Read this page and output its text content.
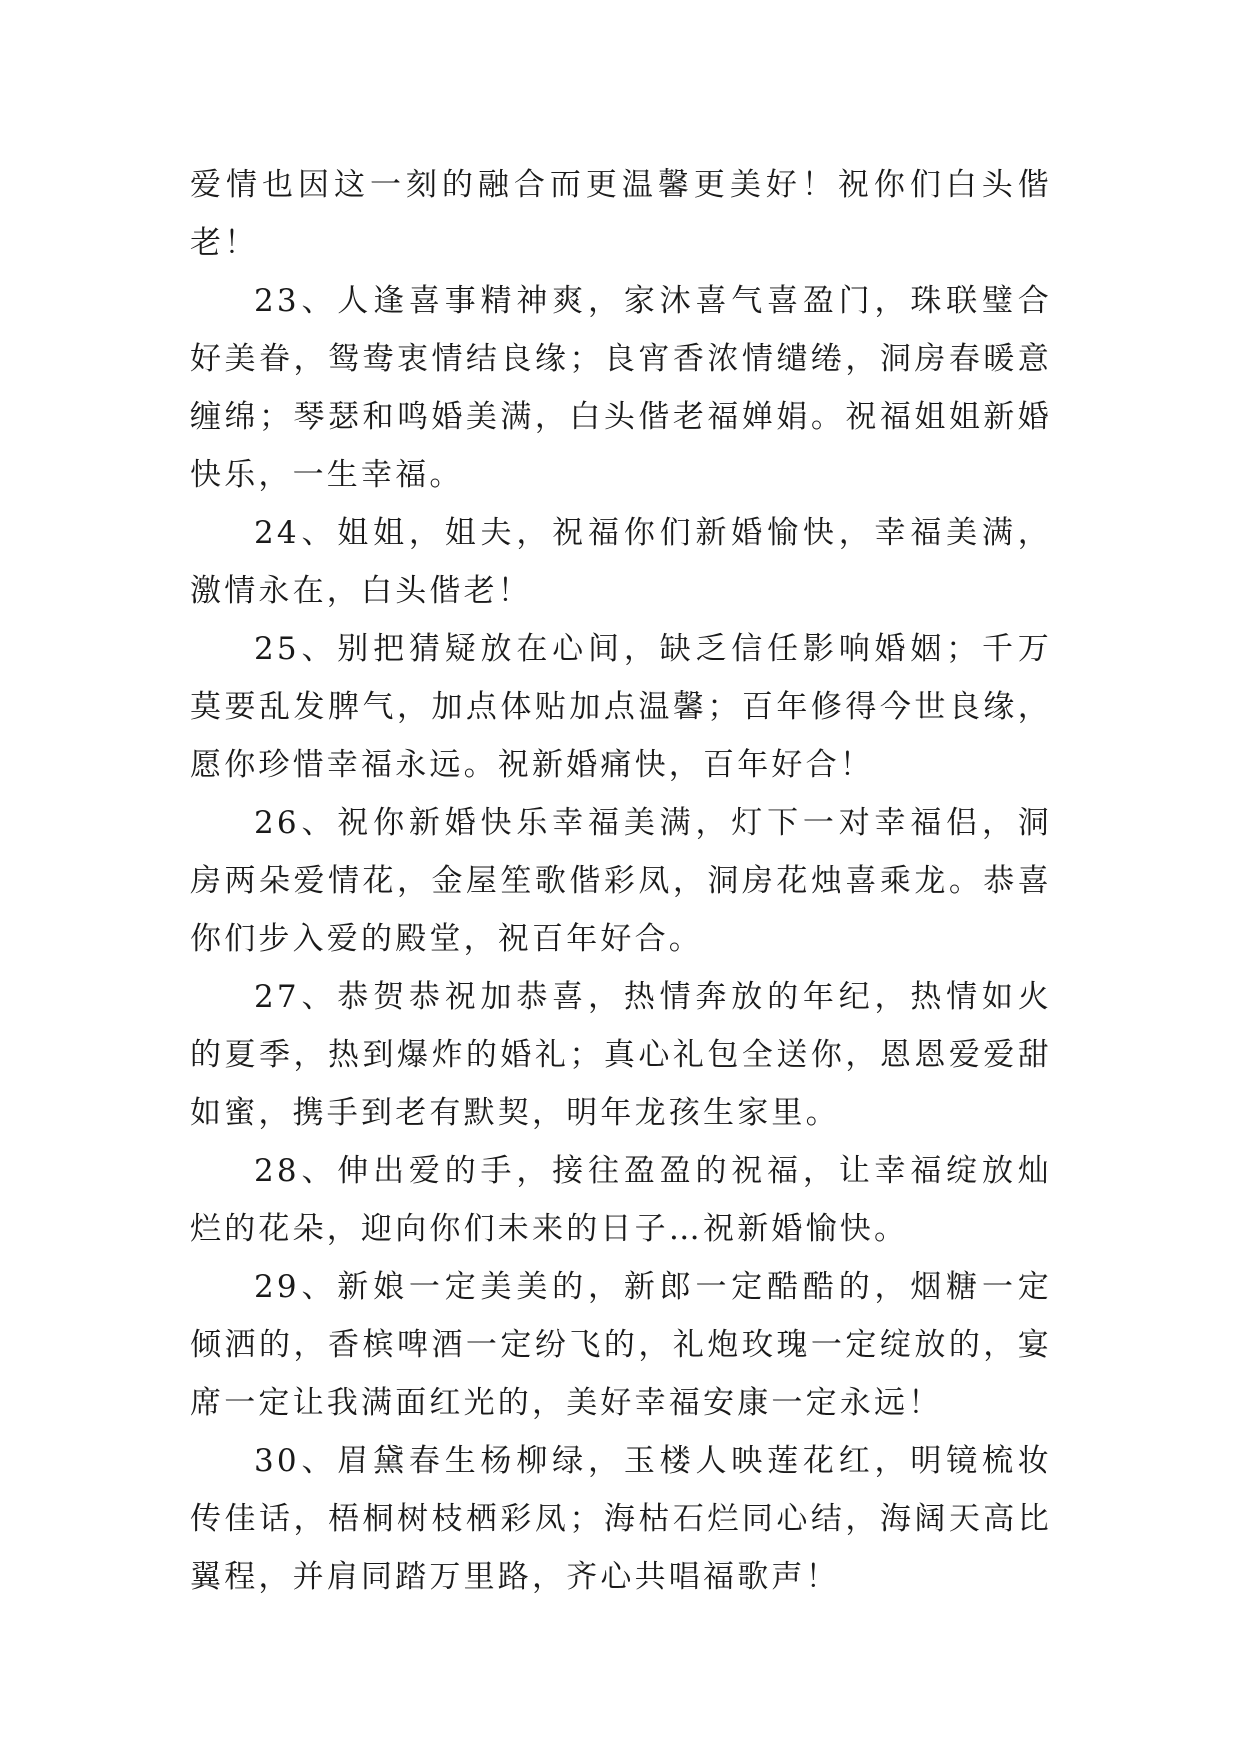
爱情也因这一刻的融合而更温馨更美好！祝你们白头偕老！

23、人逢喜事精神爽，家沐喜气喜盈门，珠联璧合好美眷，鸳鸯衷情结良缘；良宵香浓情缱绻，洞房春暖意缠绵；琴瑟和鸣婚美满，白头偕老福婵娟。祝福姐姐新婚快乐，一生幸福。

24、姐姐，姐夫，祝福你们新婚愉快，幸福美满，激情永在，白头偕老！

25、别把猜疑放在心间，缺乏信任影响婚姻；千万莫要乱发脾气，加点体贴加点温馨；百年修得今世良缘，愿你珍惜幸福永远。祝新婚痛快，百年好合！

26、祝你新婚快乐幸福美满，灯下一对幸福侣，洞房两朵爱情花，金屋笙歌偕彩凤，洞房花烛喜乘龙。恭喜你们步入爱的殿堂，祝百年好合。

27、恭贺恭祝加恭喜，热情奔放的年纪，热情如火的夏季，热到爆炸的婚礼；真心礼包全送你，恩恩爱爱甜如蜜，携手到老有默契，明年龙孩生家里。

28、伸出爱的手，接往盈盈的祝福，让幸福绽放灿烂的花朵，迎向你们未来的日子…祝新婚愉快。

29、新娘一定美美的，新郎一定酷酷的，烟糖一定倾洒的，香槟啤酒一定纷飞的，礼炮玫瑰一定绽放的，宴席一定让我满面红光的，美好幸福安康一定永远！

30、眉黛春生杨柳绿，玉楼人映莲花红，明镜梳妆传佳话，梧桐树枝栖彩凤；海枯石烂同心结，海阔天高比翼程，并肩同踏万里路，齐心共唱福歌声！
